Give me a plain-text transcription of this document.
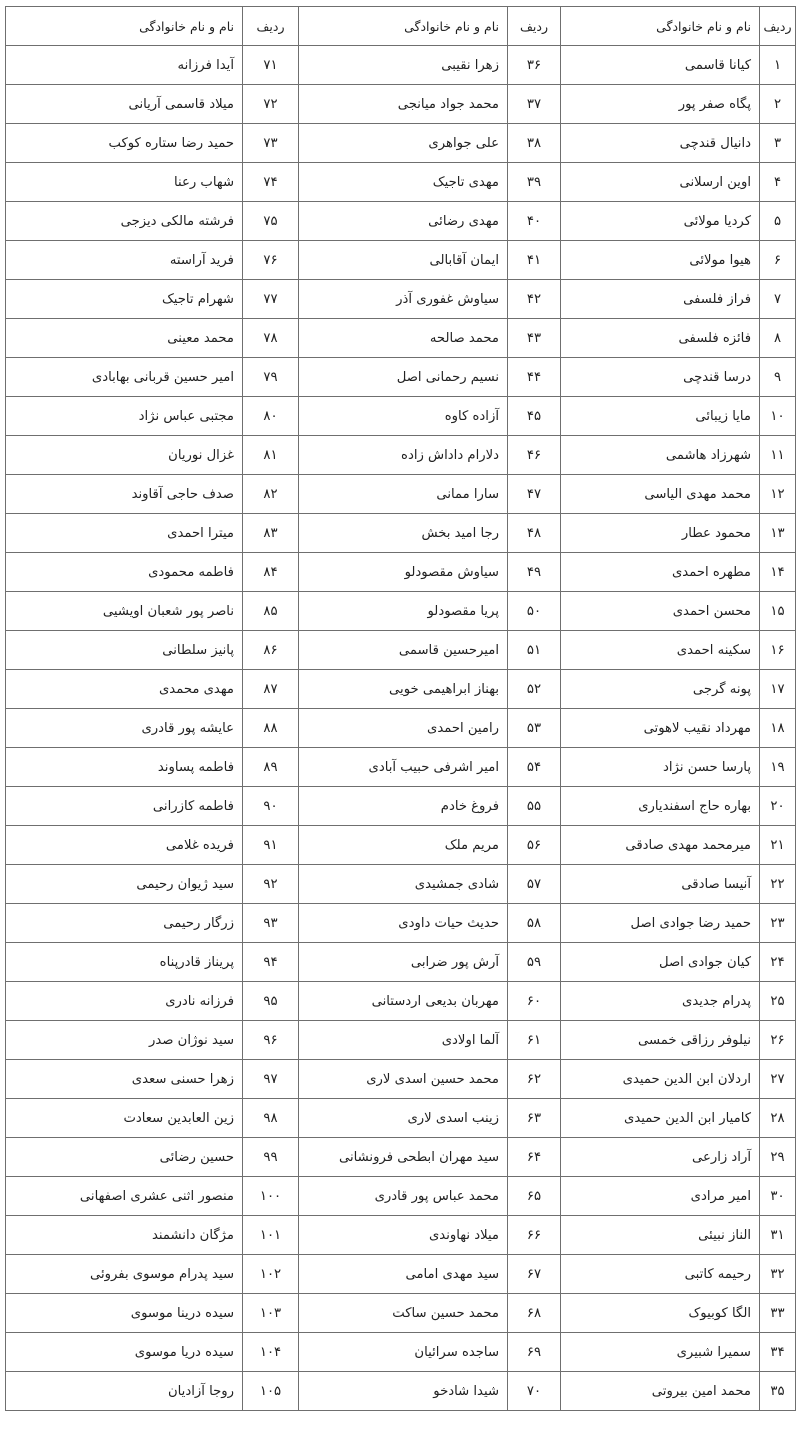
ردیف	نام و نام خانوادگی	ردیف	نام و نام خانوادگی	ردیف	نام و نام خانوادگی
۱	کیانا قاسمی	۳۶	زهرا نقیبی	۷۱	آیدا فرزانه
۲	پگاه صفر پور	۳۷	محمد جواد میانجی	۷۲	میلاد قاسمی آریانی
۳	دانیال قندچی	۳۸	علی جواهری	۷۳	حمید رضا ستاره کوکب
۴	اوین ارسلانی	۳۹	مهدی تاجیک	۷۴	شهاب رعنا
۵	کردیا مولائی	۴۰	مهدی رضائی	۷۵	فرشته مالکی دیزجی
۶	هیوا مولائی	۴۱	ایمان آقابالی	۷۶	فرید آراسته
۷	فراز فلسفی	۴۲	سیاوش غفوری آذر	۷۷	شهرام تاجیک
۸	فائزه فلسفی	۴۳	محمد صالحه	۷۸	محمد معینی
۹	درسا قندچی	۴۴	نسیم رحمانی اصل	۷۹	امیر حسین قربانی بهابادی
۱۰	مایا زیبائی	۴۵	آزاده کاوه	۸۰	مجتبی عباس نژاد
۱۱	شهرزاد هاشمی	۴۶	دلارام داداش زاده	۸۱	غزال نوریان
۱۲	محمد مهدی الیاسی	۴۷	سارا ممانی	۸۲	صدف حاجی آقاوند
۱۳	محمود عطار	۴۸	رجا امید بخش	۸۳	میترا احمدی
۱۴	مطهره احمدی	۴۹	سیاوش مقصودلو	۸۴	فاطمه محمودی
۱۵	محسن احمدی	۵۰	پریا مقصودلو	۸۵	ناصر پور شعبان اویشیی
۱۶	سکینه احمدی	۵۱	امیرحسین قاسمی	۸۶	پانیز سلطانی
۱۷	پونه گرجی	۵۲	بهناز ابراهیمی خویی	۸۷	مهدی محمدی
۱۸	مهرداد نقیب لاهوتی	۵۳	رامین احمدی	۸۸	عایشه پور قادری
۱۹	پارسا حسن نژاد	۵۴	امیر اشرفی حبیب آبادی	۸۹	فاطمه پساوند
۲۰	بهاره حاج اسفندیاری	۵۵	فروغ خادم	۹۰	فاطمه کازرانی
۲۱	میرمحمد مهدی صادقی	۵۶	مریم ملک	۹۱	فریده غلامی
۲۲	آنیسا صادقی	۵۷	شادی جمشیدی	۹۲	سید ژیوان رحیمی
۲۳	حمید رضا جوادی اصل	۵۸	حدیث حیات داودی	۹۳	زرگار رحیمی
۲۴	کیان جوادی اصل	۵۹	آرش پور ضرابی	۹۴	پریناز قادرپناه
۲۵	پدرام جدیدی	۶۰	مهربان بدیعی اردستانی	۹۵	فرزانه نادری
۲۶	نیلوفر رزاقی خمسی	۶۱	آلما اولادی	۹۶	سید نوژان صدر
۲۷	اردلان ابن الدین حمیدی	۶۲	محمد حسین اسدی لاری	۹۷	زهرا حسنی سعدی
۲۸	کامیار ابن الدین حمیدی	۶۳	زینب اسدی لاری	۹۸	زین العابدین سعادت
۲۹	آراد زارعی	۶۴	سید مهران ابطحی فرونشانی	۹۹	حسین رضائی
۳۰	امیر مرادی	۶۵	محمد عباس پور قادری	۱۰۰	منصور اثنی عشری اصفهانی
۳۱	الناز نبیئی	۶۶	میلاد نهاوندی	۱۰۱	مژگان دانشمند
۳۲	رحیمه کاتبی	۶۷	سید مهدی امامی	۱۰۲	سید پدرام موسوی بفروئی
۳۳	الگا کوبیوک	۶۸	محمد حسین ساکت	۱۰۳	سیده درینا موسوی
۳۴	سمیرا شبیری	۶۹	ساجده سرائیان	۱۰۴	سیده دریا موسوی
۳۵	محمد امین بیروتی	۷۰	شیدا شادخو	۱۰۵	روجا آزادیان
